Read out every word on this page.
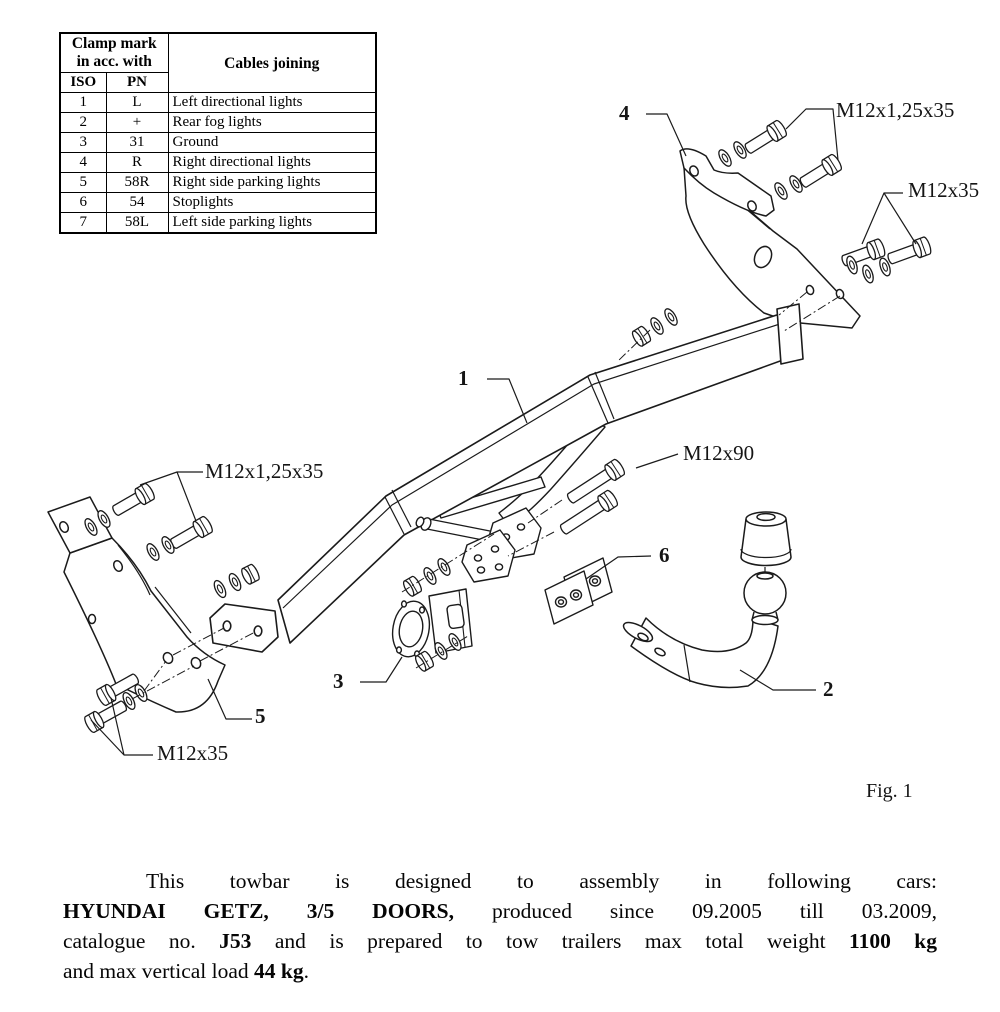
Clamp mark
in acc. with		Cables joining
ISO	PN	
1	L	Left directional lights
2	+	Rear fog lights
3	31	Ground
4	R	Right directional lights
5	58R	Right side parking lights
6	54	Stoplights
7	58L	Left side parking lights
4
1
6
3
5
2
M12x1,25x35
M12x35
M12x90
M12x1,25x35
M12x35
Fig. 1
This towbar is designed to assembly in following cars:
HYUNDAI GETZ, 3/5 DOORS, produced since 09.2005 till 03.2009,
catalogue no. J53 and is prepared to tow trailers max total weight 1100 kg
and max vertical load 44 kg.
